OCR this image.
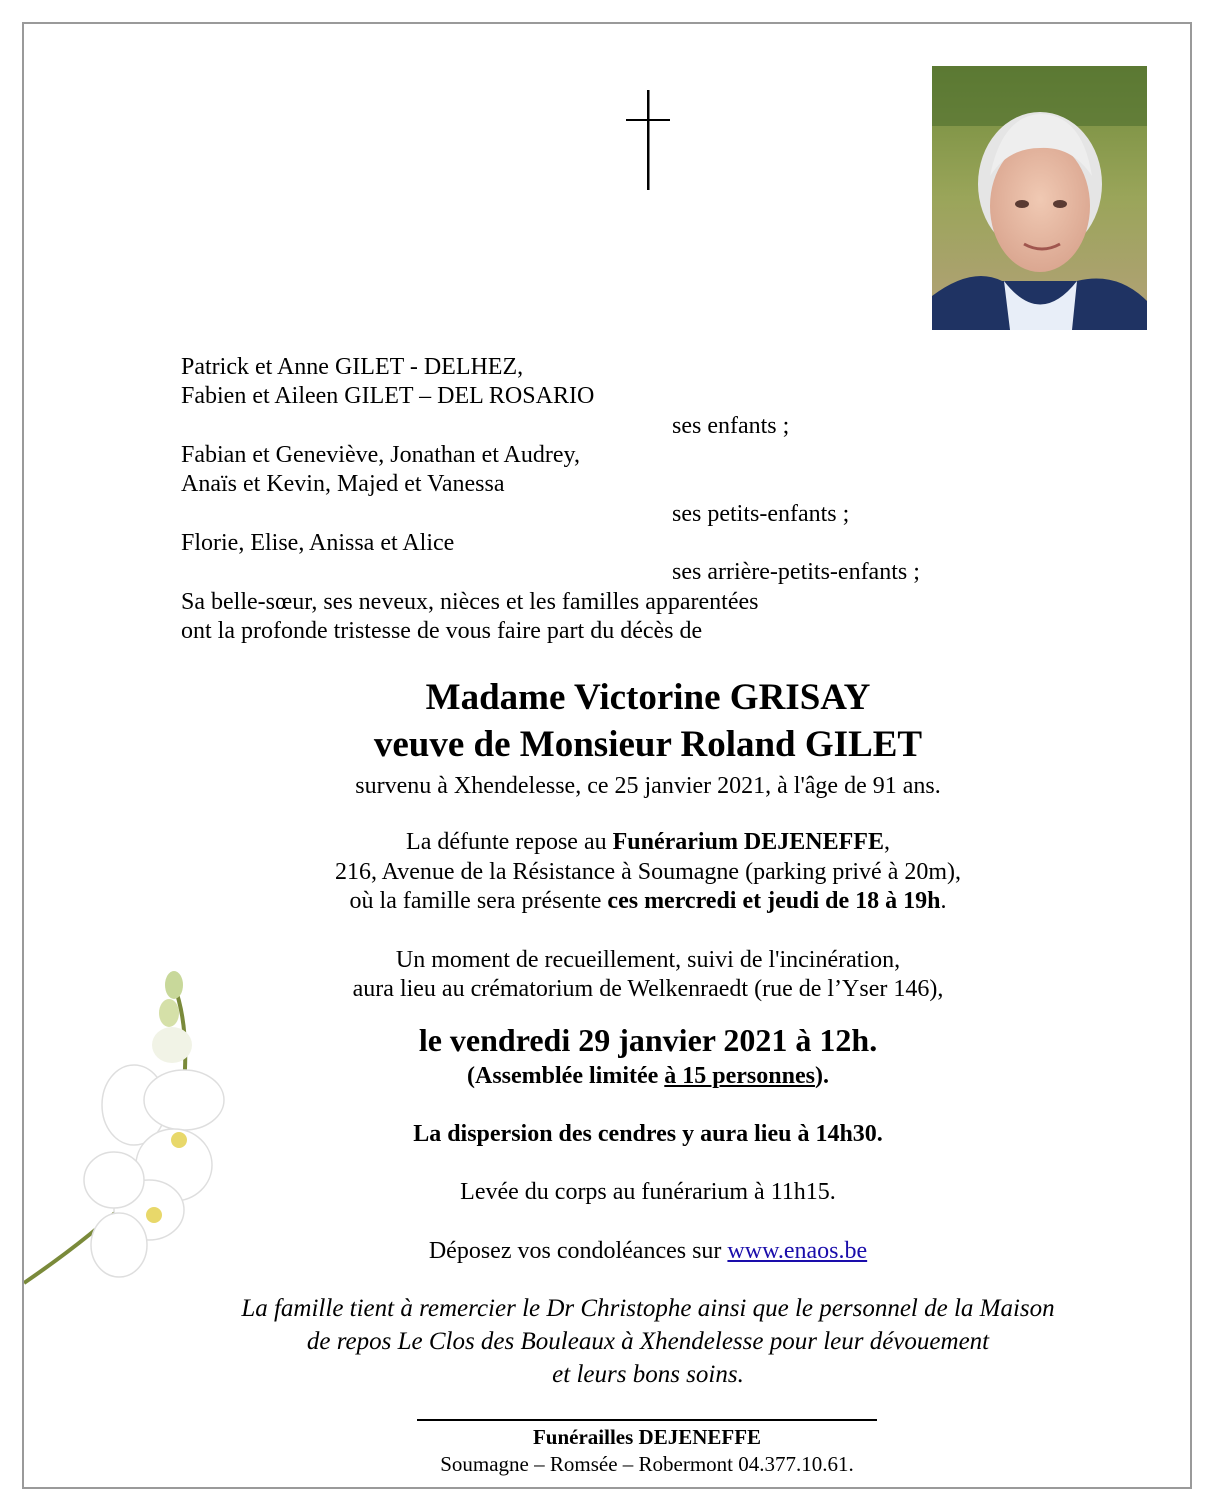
Patrick et Anne GILET - DELHEZ,
Fabien et Aileen GILET – DEL ROSARIO
ses enfants ;
Fabian et Geneviève, Jonathan et Audrey,
Anaïs et Kevin, Majed et Vanessa
ses petits-enfants ;
Florie, Elise, Anissa et Alice
ses arrière-petits-enfants ;
Sa belle-sœur, ses neveux, nièces et les familles apparentées
ont la profonde tristesse de vous faire part du décès de
Madame Victorine GRISAY
veuve de Monsieur Roland GILET
survenu à Xhendelesse, ce 25 janvier 2021, à l'âge de 91 ans.
La défunte repose au Funérarium DEJENEFFE,
216, Avenue de la Résistance à Soumagne (parking privé à 20m),
où la famille sera présente ces mercredi et jeudi de 18 à 19h.
Un moment de recueillement, suivi de l'incinération,
aura lieu au crématorium de Welkenraedt (rue de l’Yser 146),
le vendredi 29 janvier 2021 à 12h.
(Assemblée limitée à 15 personnes).
La dispersion des cendres y aura lieu à 14h30.
Levée du corps au funérarium à 11h15.
Déposez vos condoléances sur www.enaos.be
La famille tient à remercier le Dr Christophe ainsi que le personnel de la Maison
de repos Le Clos des Bouleaux à Xhendelesse pour leur dévouement
et leurs bons soins.
Funérailles DEJENEFFE
Soumagne – Romsée – Robermont 04.377.10.61.
